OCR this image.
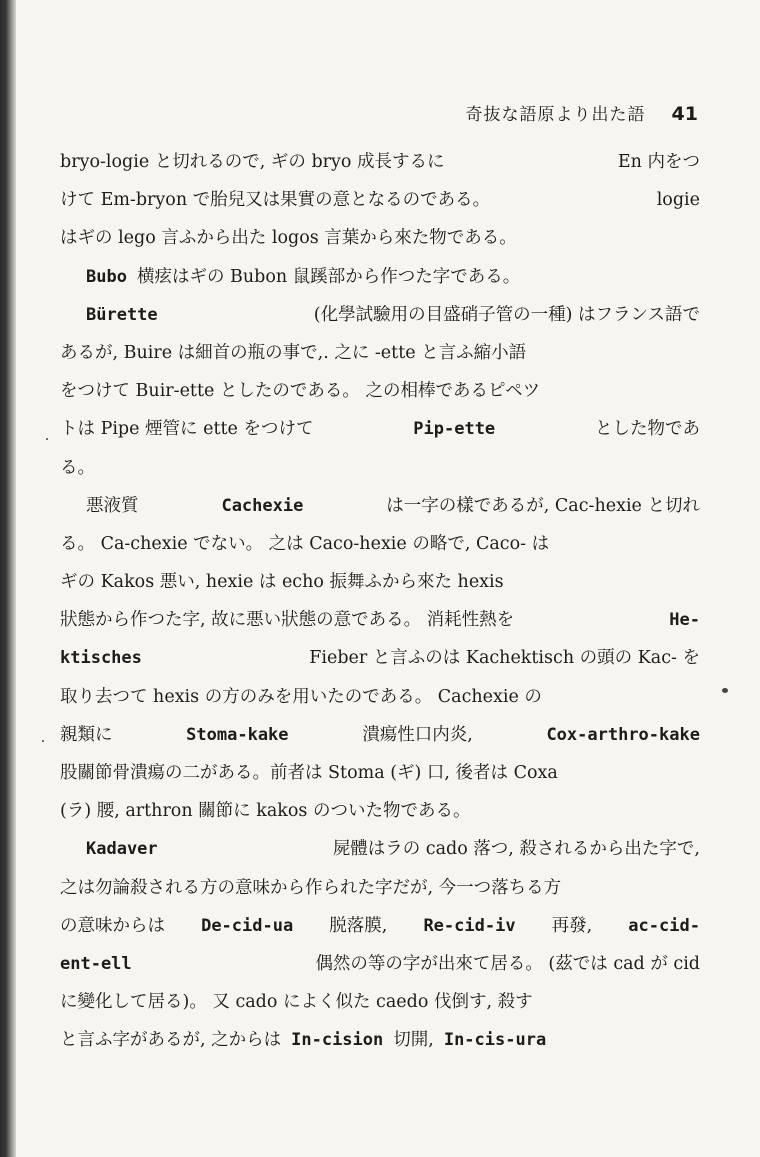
奇抜な語原より出た語 41
bryo-logie と切れるので, ギの bryo 成長するに	En 内をつ
けて Em-bryon で胎兒又は果實の意となるのである。	logie
はギの lego 言ふから出た logos 言葉から來た物である。
Bubo 横痃はギの Bubon 鼠蹊部から作つた字である。
Bürette	(化學試驗用の目盛硝子管の一種) はフランス語で
あるが, Buire は細首の瓶の事で,. 之に -ette と言ふ縮小語
をつけて Buir-ette としたのである。 之の相棒であるピペツ
トは Pipe 煙管に ette をつけて	Pip-ette	とした物であ
る。
悪液質	Cachexie	は一字の樣であるが, Cac-hexie と切れ
る。 Ca-chexie でない。 之は Caco-hexie の略で, Caco- は
ギの Kakos 悪い, hexie は echo 振舞ふから來た hexis
狀態から作つた字, 故に悪い狀態の意である。 消耗性熱を	He-
ktisches	Fieber と言ふのは Kachektisch の頭の Kac- を
取り去つて hexis の方のみを用いたのである。 Cachexie の
親類に	Stoma-kake	潰瘍性口内炎,	Cox-arthro-kake
股關節骨潰瘍の二がある。前者は Stoma (ギ) 口, 後者は Coxa
(ラ) 腰, arthron 關節に kakos のついた物である。
Kadaver	屍體はラの cado 落つ, 殺されるから出た字で,
之は勿論殺される方の意味から作られた字だが, 今一つ落ちる方
の意味からは De-cid-ua 脱落膜, Re-cid-iv 再發, ac-cid-
ent-ell	偶然の等の字が出來て居る。 (茲では cad が cid
に變化して居る)。 又 cado によく似た caedo 伐倒す, 殺す
と言ふ字があるが, 之からは In-cision 切開, In-cis-ura
